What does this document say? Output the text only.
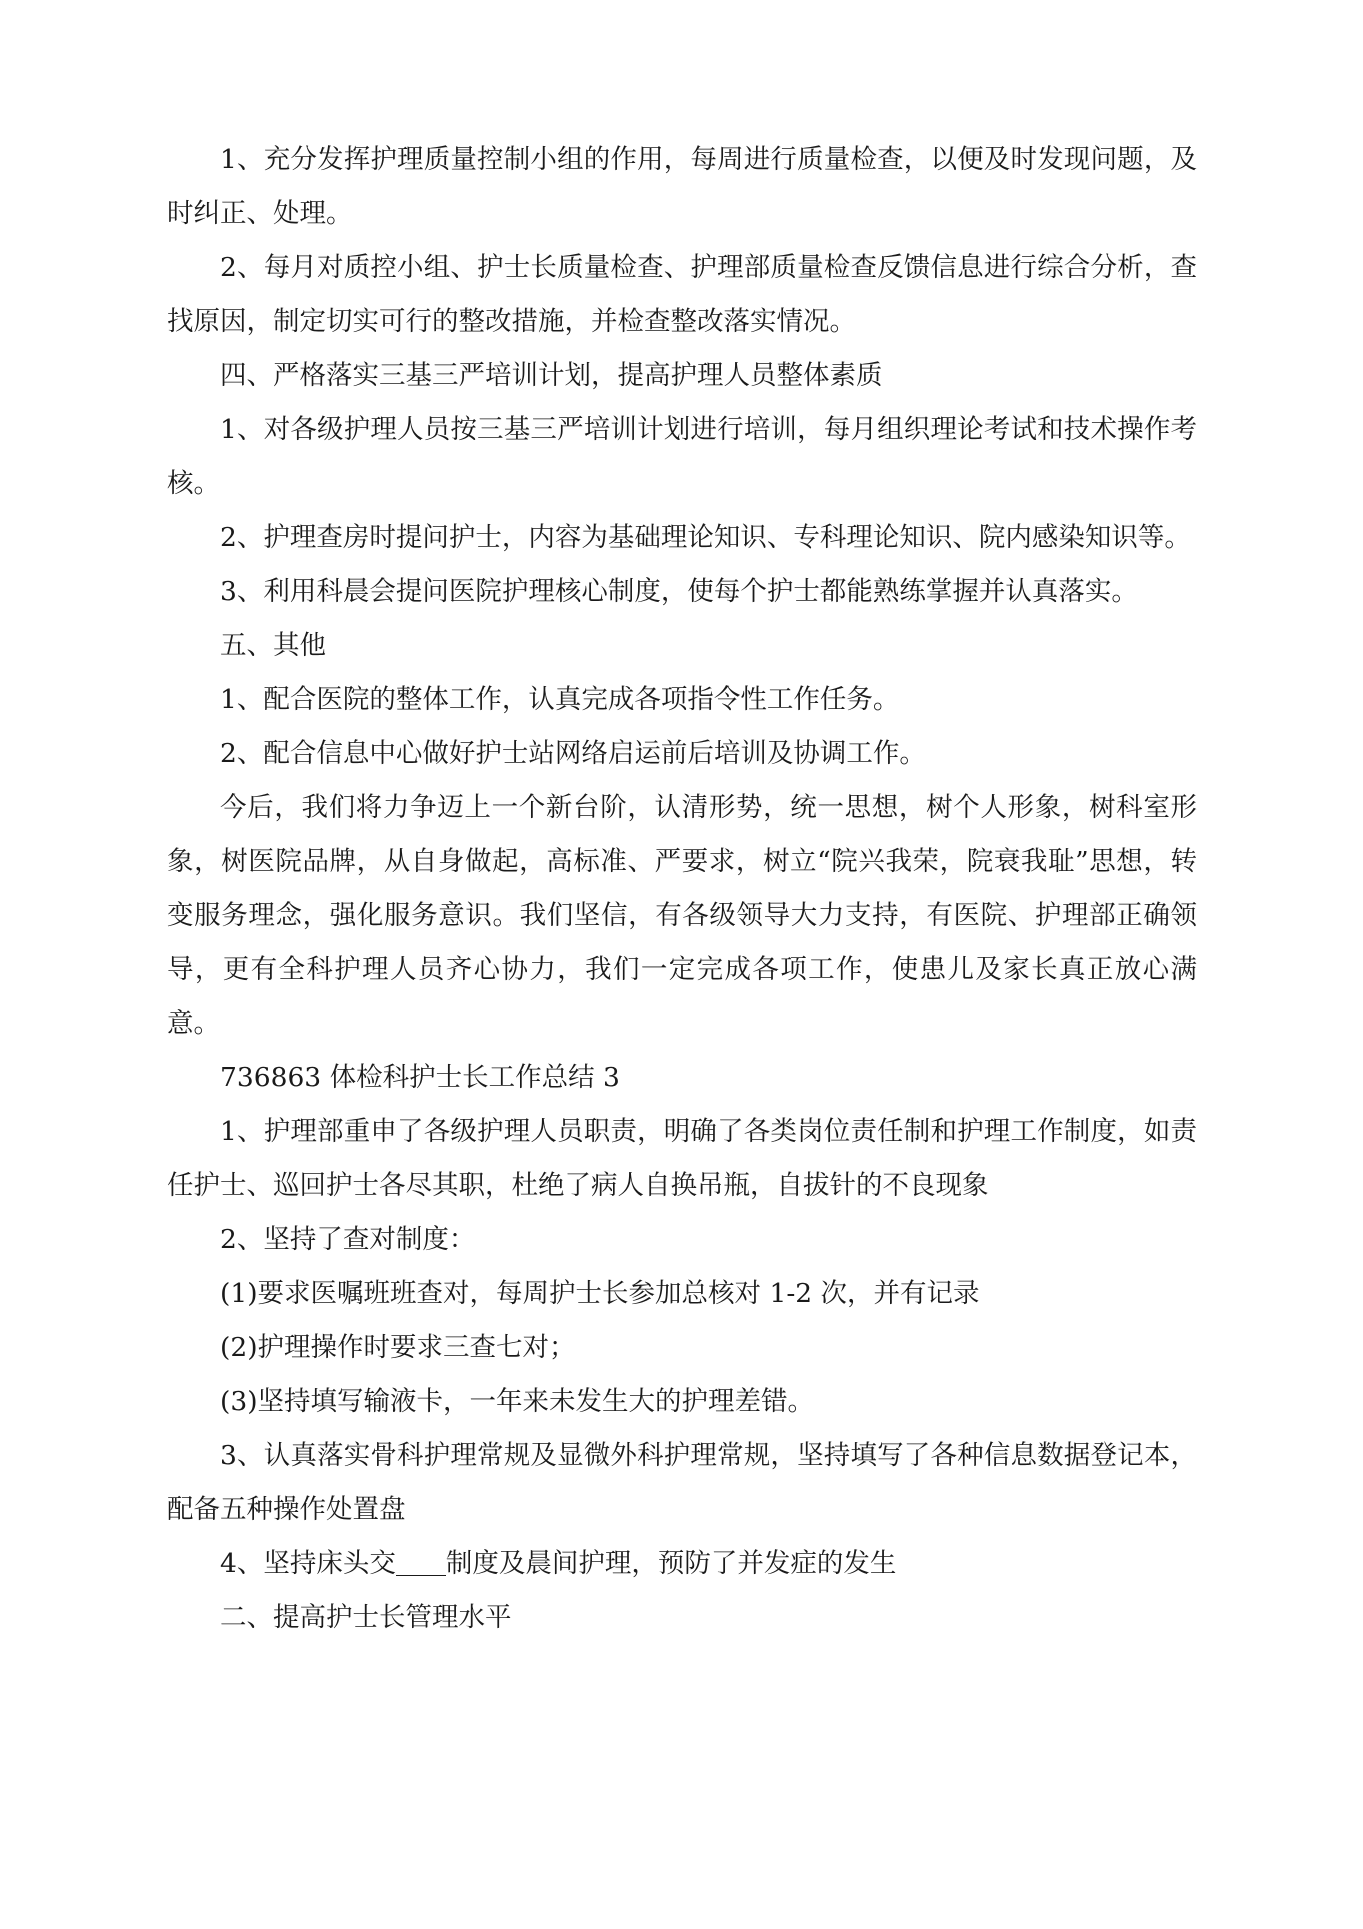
1、充分发挥护理质量控制小组的作用，每周进行质量检查，以便及时发现问题，及时纠正、处理。

2、每月对质控小组、护士长质量检查、护理部质量检查反馈信息进行综合分析，查找原因，制定切实可行的整改措施，并检查整改落实情况。

四、严格落实三基三严培训计划，提高护理人员整体素质

1、对各级护理人员按三基三严培训计划进行培训，每月组织理论考试和技术操作考核。

2、护理查房时提问护士，内容为基础理论知识、专科理论知识、院内感染知识等。

3、利用科晨会提问医院护理核心制度，使每个护士都能熟练掌握并认真落实。

五、其他

1、配合医院的整体工作，认真完成各项指令性工作任务。

2、配合信息中心做好护士站网络启运前后培训及协调工作。

今后，我们将力争迈上一个新台阶，认清形势，统一思想，树个人形象，树科室形象，树医院品牌，从自身做起，高标准、严要求，树立“院兴我荣，院衰我耻”思想，转变服务理念，强化服务意识。我们坚信，有各级领导大力支持，有医院、护理部正确领导，更有全科护理人员齐心协力，我们一定完成各项工作，使患儿及家长真正放心满意。

736863 体检科护士长工作总结 3

1、护理部重申了各级护理人员职责，明确了各类岗位责任制和护理工作制度，如责任护士、巡回护士各尽其职，杜绝了病人自换吊瓶，自拔针的不良现象

2、坚持了查对制度：

(1)要求医嘱班班查对，每周护士长参加总核对 1-2 次，并有记录

(2)护理操作时要求三查七对；

(3)坚持填写输液卡，一年来未发生大的护理差错。

3、认真落实骨科护理常规及显微外科护理常规，坚持填写了各种信息数据登记本，配备五种操作处置盘

4、坚持床头交 制度及晨间护理，预防了并发症的发生

二、提高护士长管理水平
